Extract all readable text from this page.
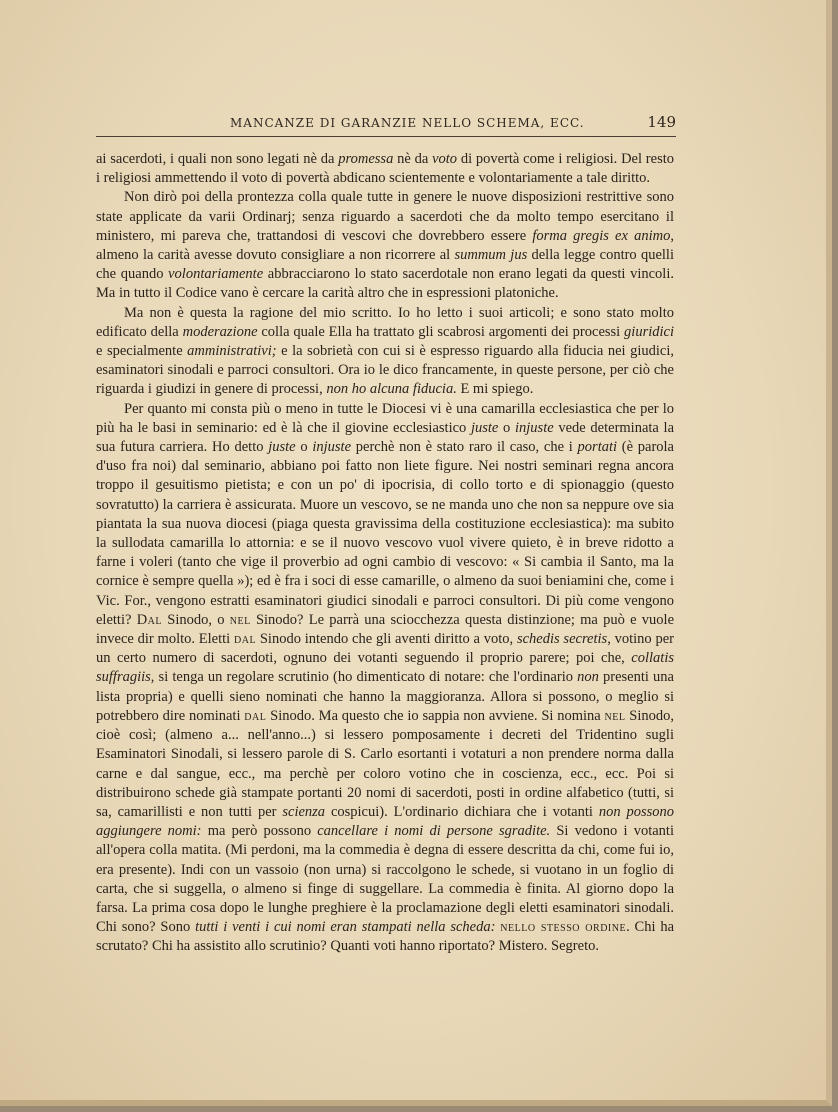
MANCANZE DI GARANZIE NELLO SCHEMA, ECC.	149

ai sacerdoti, i quali non sono legati nè da promessa nè da voto di povertà come i religiosi. Del resto i religiosi ammettendo il voto di povertà abdicano scientemente e volontariamente a tale diritto.

Non dirò poi della prontezza colla quale tutte in genere le nuove disposizioni restrittive sono state applicate da varii Ordinarj; senza riguardo a sacerdoti che da molto tempo esercitano il ministero, mi pareva che, trattandosi di vescovi che dovrebbero essere forma gregis ex animo, almeno la carità avesse dovuto consigliare a non ricorrere al summum jus della legge contro quelli che quando volontariamente abbracciarono lo stato sacerdotale non erano legati da questi vincoli. Ma in tutto il Codice vano è cercare la carità altro che in espressioni platoniche.

Ma non è questa la ragione del mio scritto. Io ho letto i suoi articoli; e sono stato molto edificato della moderazione colla quale Ella ha trattato gli scabrosi argomenti dei processi giuridici e specialmente amministrativi; e la sobrietà con cui si è espresso riguardo alla fiducia nei giudici, esaminatori sinodali e parroci consultori. Ora io le dico francamente, in queste persone, per ciò che riguarda i giudizi in genere di processi, non ho alcuna fiducia. E mi spiego.

Per quanto mi consta più o meno in tutte le Diocesi vi è una camarilla ecclesiastica che per lo più ha le basi in seminario: ed è là che il giovine ecclesiastico juste o injuste vede determinata la sua futura carriera. Ho detto juste o injuste perchè non è stato raro il caso, che i portati (è parola d'uso fra noi) dal seminario, abbiano poi fatto non liete figure. Nei nostri seminari regna ancora troppo il gesuitismo pietista; e con un po' di ipocrisia, di collo torto e di spionaggio (questo sovratutto) la carriera è assicurata. Muore un vescovo, se ne manda uno che non sa neppure ove sia piantata la sua nuova diocesi (piaga questa gravissima della costituzione ecclesiastica): ma subito la sullodata camarilla lo attornia: e se il nuovo vescovo vuol vivere quieto, è in breve ridotto a farne i voleri (tanto che vige il proverbio ad ogni cambio di vescovo: « Si cambia il Santo, ma la cornice è sempre quella »); ed è fra i soci di esse camarille, o almeno da suoi beniamini che, come i Vic. For., vengono estratti esaminatori giudici sinodali e parroci consultori. Di più come vengono eletti? Dal Sinodo, o nel Sinodo? Le parrà una sciocchezza questa distinzione; ma può e vuole invece dir molto. Eletti dal Sinodo intendo che gli aventi diritto a voto, schedis secretis, votino per un certo numero di sacerdoti, ognuno dei votanti seguendo il proprio parere; poi che, collatis suffragiis, si tenga un regolare scrutinio (ho dimenticato di notare: che l'ordinario non presenti una lista propria) e quelli sieno nominati che hanno la maggioranza. Allora si possono, o meglio si potrebbero dire nominati dal Sinodo. Ma questo che io sappia non avviene. Si nomina nel Sinodo, cioè così; (almeno a... nell'anno...) si lessero pomposamente i decreti del Tridentino sugli Esaminatori Sinodali, si lessero parole di S. Carlo esortanti i votaturi a non prendere norma dalla carne e dal sangue, ecc., ma perchè per coloro votino che in coscienza, ecc., ecc. Poi si distribuirono schede già stampate portanti 20 nomi di sacerdoti, posti in ordine alfabetico (tutti, si sa, camarillisti e non tutti per scienza cospicui). L'ordinario dichiara che i votanti non possono aggiungere nomi: ma però possono cancellare i nomi di persone sgradite. Si vedono i votanti all'opera colla matita. (Mi perdoni, ma la commedia è degna di essere descritta da chi, come fui io, era presente). Indi con un vassoio (non urna) si raccolgono le schede, si vuotano in un foglio di carta, che si suggella, o almeno si finge di suggellare. La commedia è finita. Al giorno dopo la farsa. La prima cosa dopo le lunghe preghiere è la proclamazione degli eletti esaminatori sinodali. Chi sono? Sono tutti i venti i cui nomi eran stampati nella scheda: nello stesso ordine. Chi ha scrutato? Chi ha assistito allo scrutinio? Quanti voti hanno riportato? Mistero. Segreto.
